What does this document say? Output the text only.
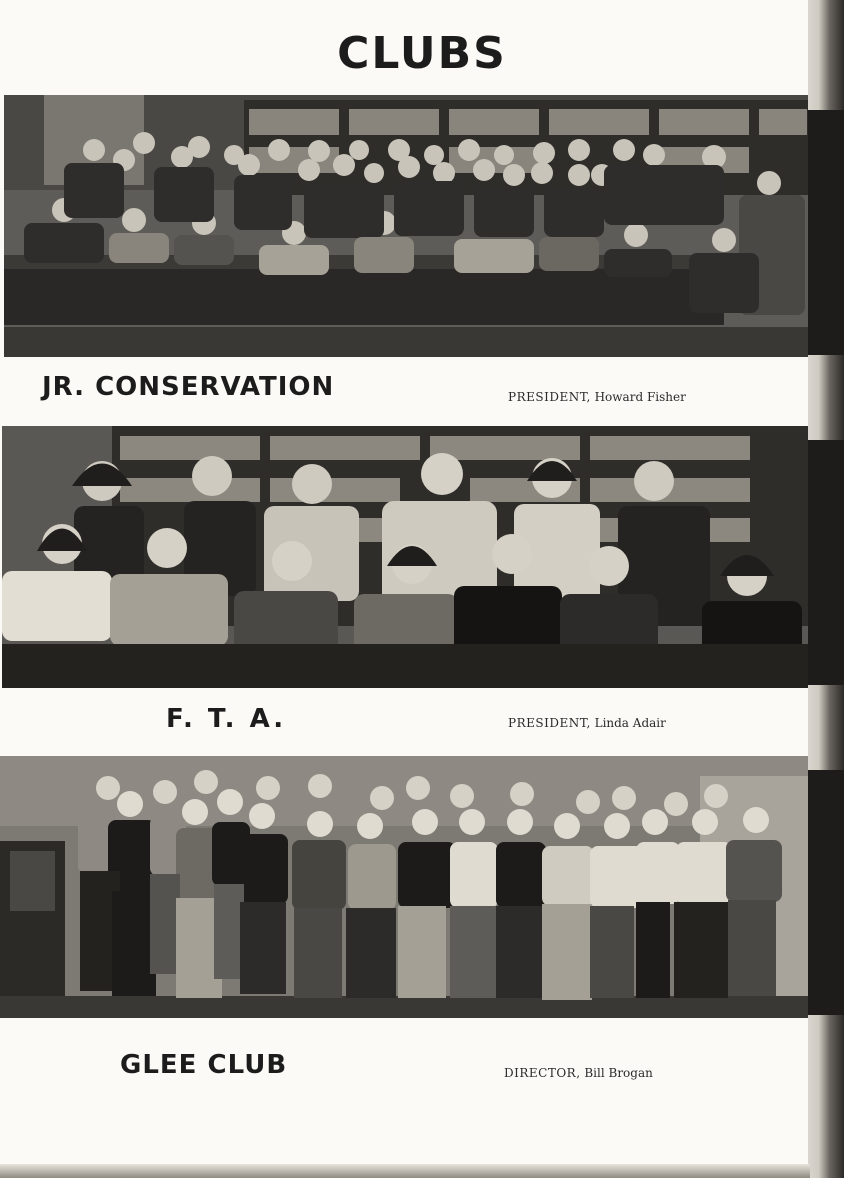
CLUBS
JR. CONSERVATION	PRESIDENT, Howard Fisher
F. T. A.	PRESIDENT, Linda Adair
GLEE CLUB	DIRECTOR, Bill Brogan
